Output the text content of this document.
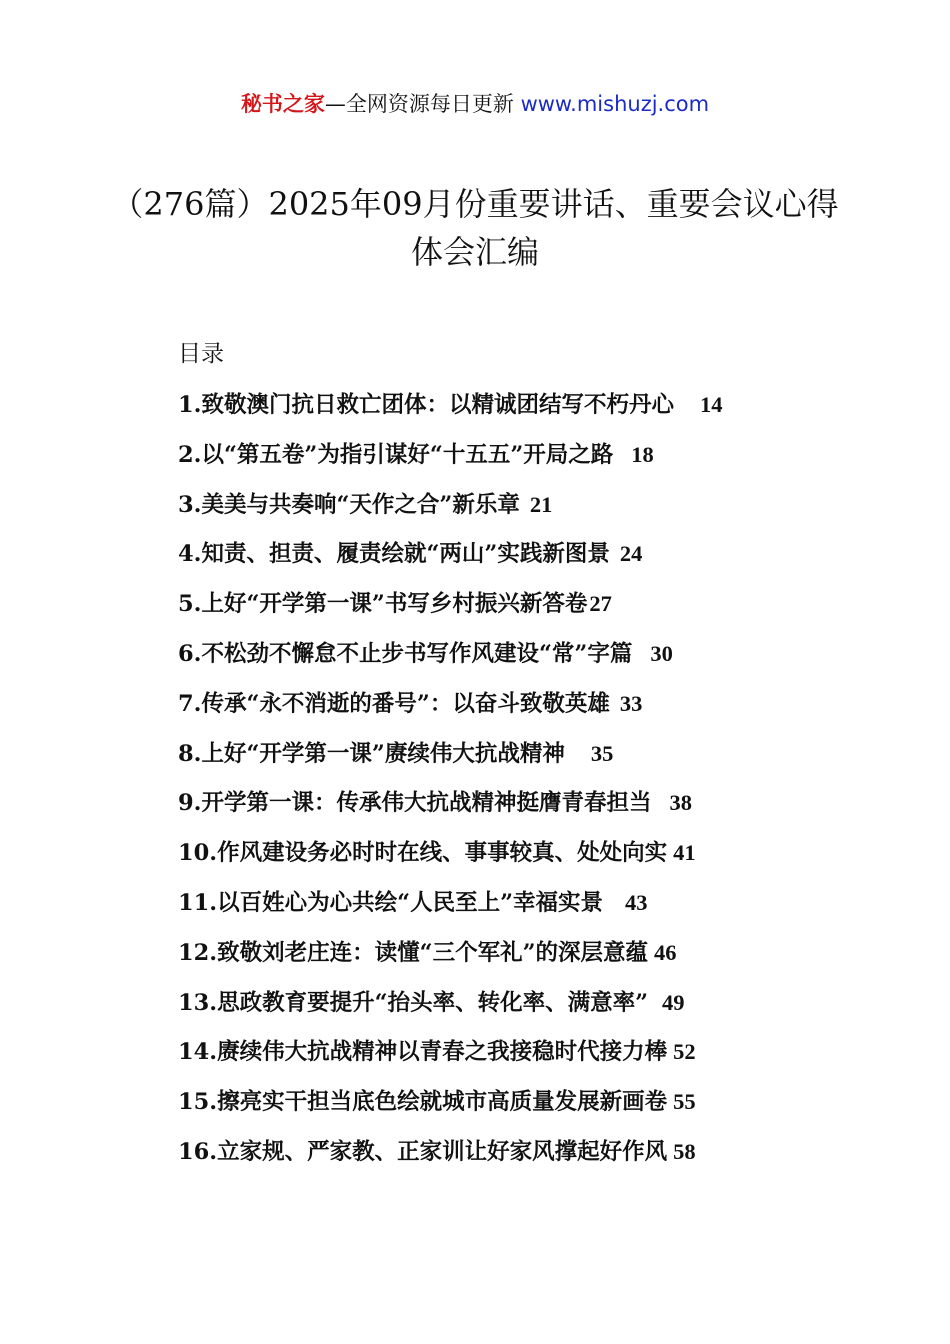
秘书之家—全网资源每日更新 www.mishuzj.com
（276篇）2025年09月份重要讲话、重要会议心得体会汇编
目录
1.致敬澳门抗日救亡团体：以精诚团结写不朽丹心 14
2.以“第五卷”为指引谋好“十五五”开局之路 18
3.美美与共奏响“天作之合”新乐章 21
4.知责、担责、履责绘就“两山”实践新图景 24
5.上好“开学第一课”书写乡村振兴新答卷27
6.不松劲不懈怠不止步书写作风建设“常”字篇 30
7.传承“永不消逝的番号”：以奋斗致敬英雄 33
8.上好“开学第一课”赓续伟大抗战精神 35
9.开学第一课：传承伟大抗战精神挺膺青春担当 38
10.作风建设务必时时在线、事事较真、处处向实 41
11.以百姓心为心共绘“人民至上”幸福实景 43
12.致敬刘老庄连：读懂“三个军礼”的深层意蕴 46
13.思政教育要提升“抬头率、转化率、满意率” 49
14.赓续伟大抗战精神以青春之我接稳时代接力棒 52
15.擦亮实干担当底色绘就城市高质量发展新画卷 55
16.立家规、严家教、正家训让好家风撑起好作风 58
